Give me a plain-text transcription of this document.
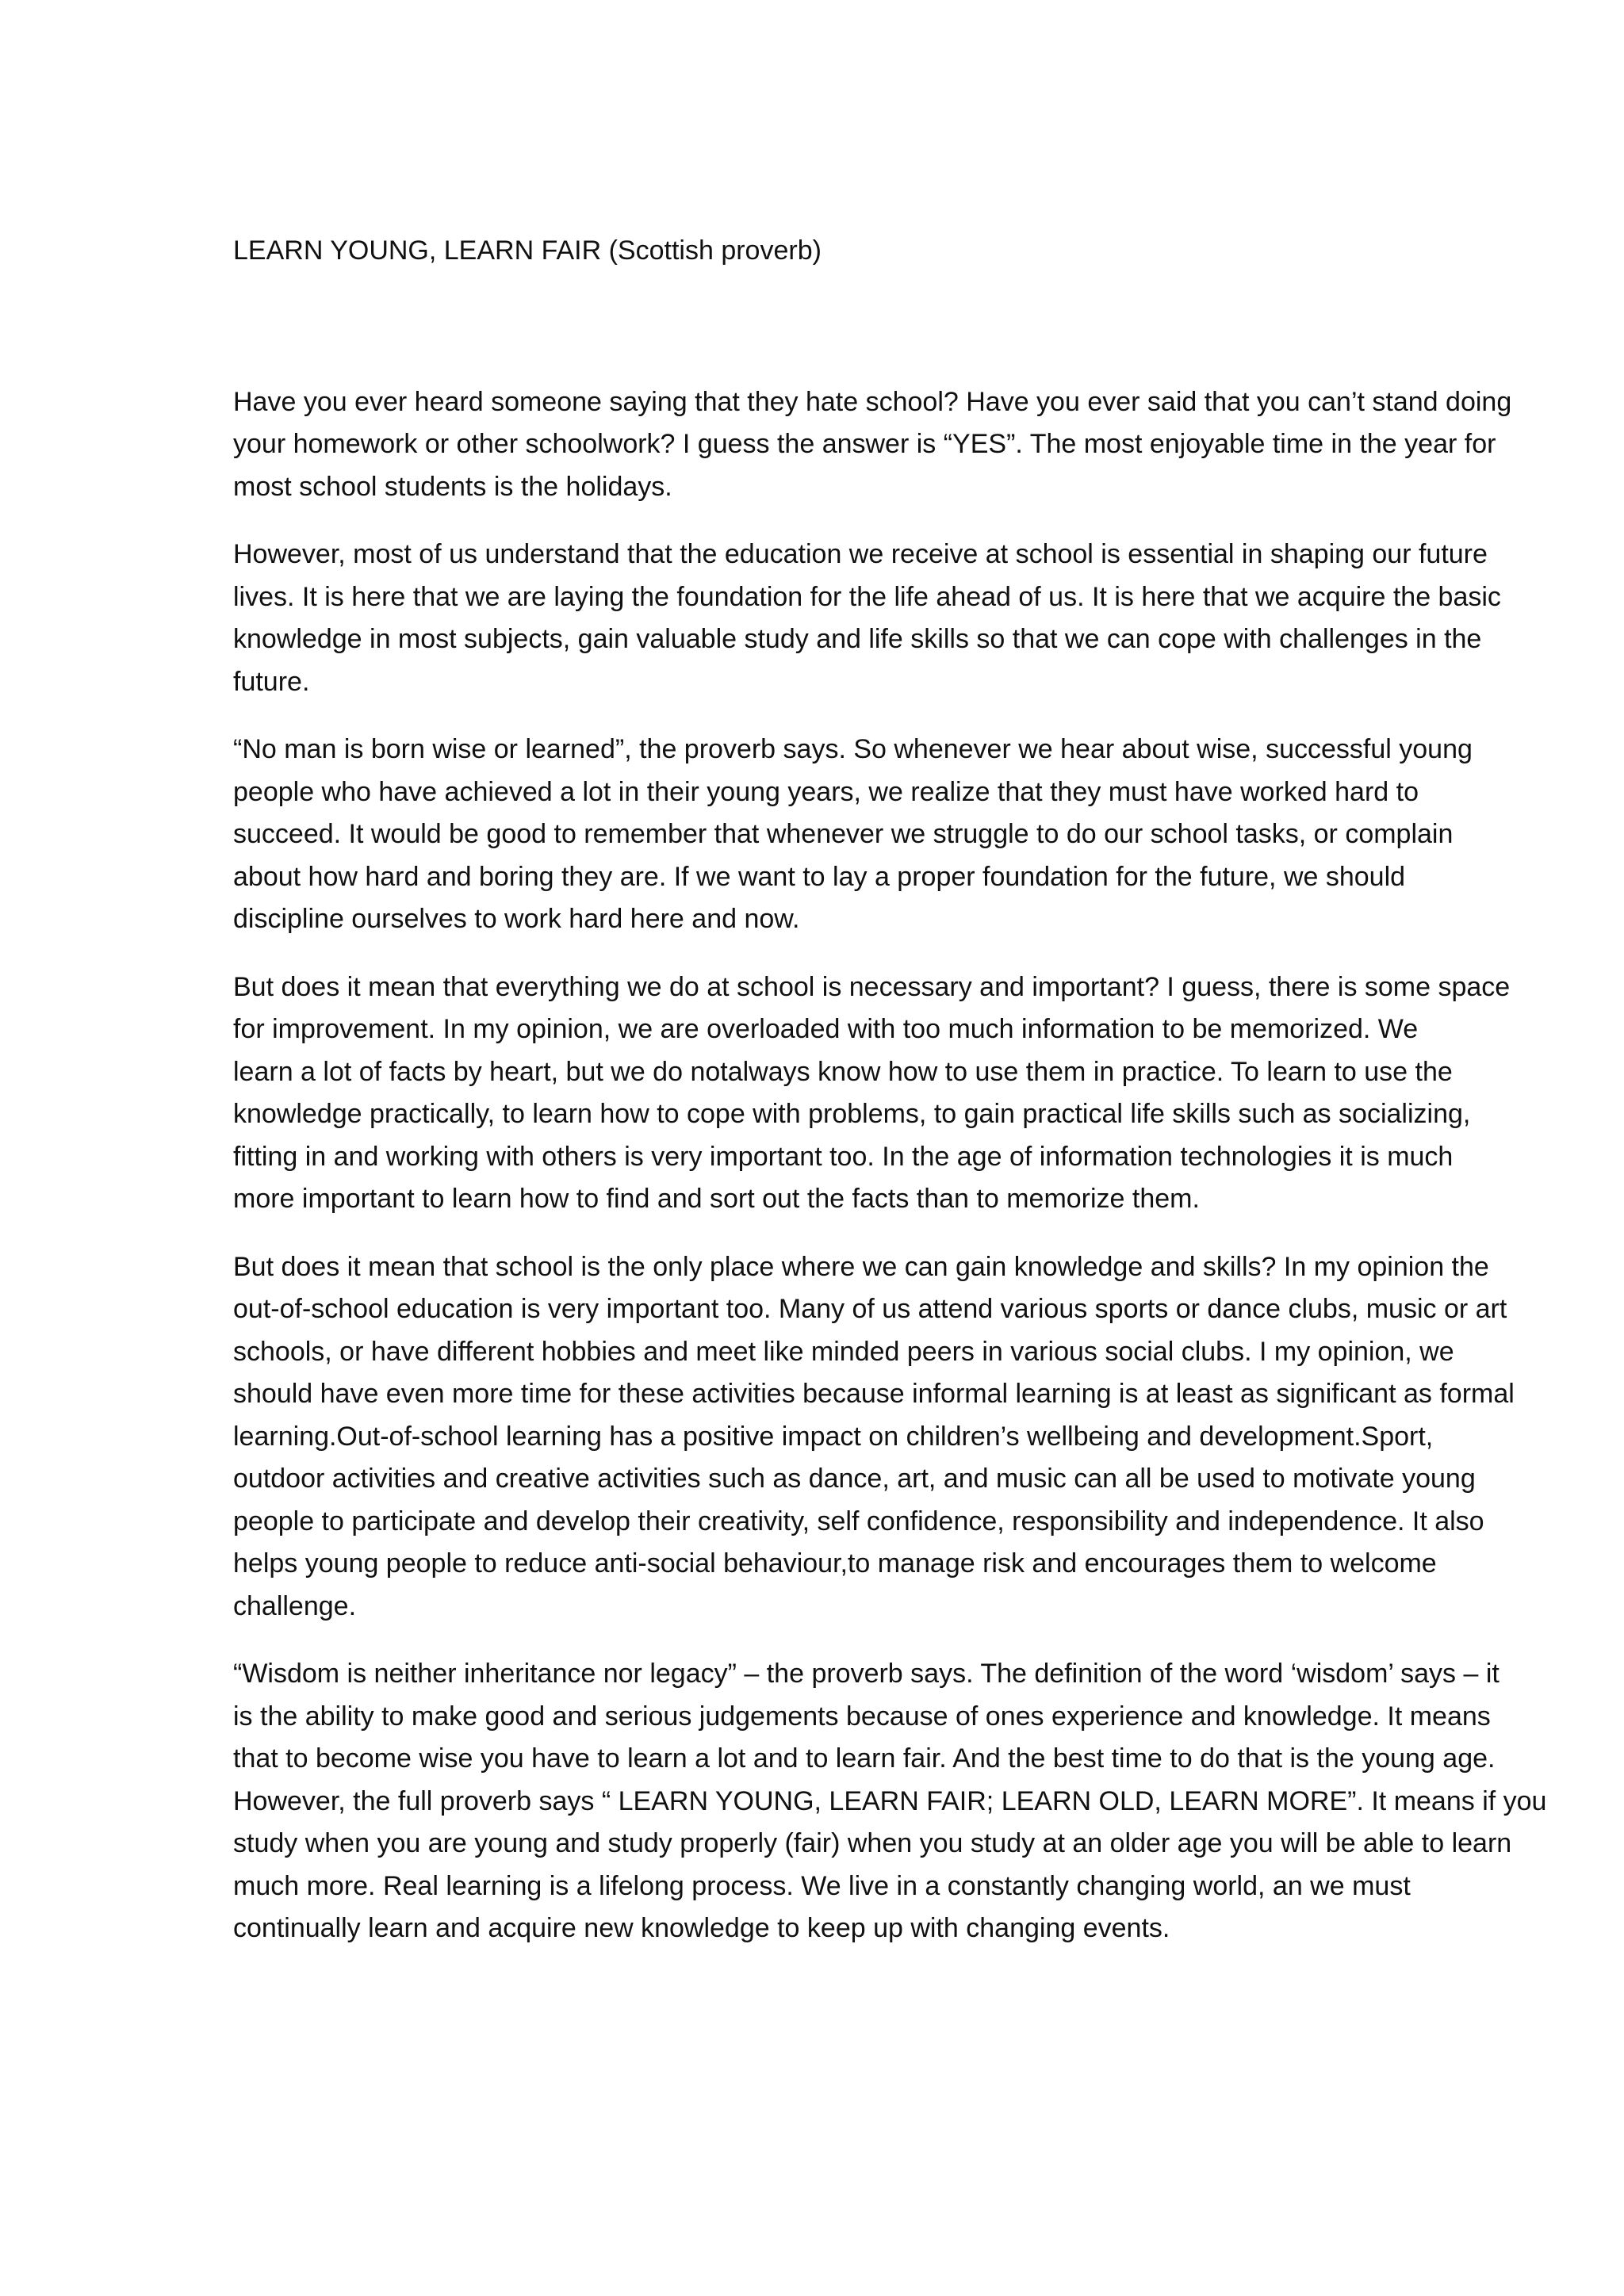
LEARN YOUNG, LEARN FAIR (Scottish proverb)

Have you ever heard someone saying that they hate school? Have you ever said that you can’t stand doing
your homework or other schoolwork? I guess the answer is “YES”. The most enjoyable time in the year for
most school students is the holidays.

However, most of us understand that the education we receive at school is essential in shaping our future
lives. It is here that we are laying the foundation for the life ahead of us. It is here that we acquire the basic
knowledge in most subjects, gain valuable study and life skills so that we can cope with challenges in the
future.

“No man is born wise or learned”, the proverb says. So whenever we hear about wise, successful young
people who have achieved a lot in their young years, we realize that they must have worked hard to
succeed. It would be good to remember that whenever we struggle to do our school tasks, or complain
about how hard and boring they are. If we want to lay a proper foundation for the future, we should
discipline ourselves to work hard here and now.

But does it mean that everything we do at school is necessary and important? I guess, there is some space
for improvement. In my opinion, we are overloaded with too much information to be memorized. We
learn a lot of facts by heart, but we do notalways know how to use them in practice. To learn to use the
knowledge practically, to learn how to cope with problems, to gain practical life skills such as socializing,
fitting in and working with others is very important too. In the age of information technologies it is much
more important to learn how to find and sort out the facts than to memorize them.

But does it mean that school is the only place where we can gain knowledge and skills? In my opinion the
out-of-school education is very important too. Many of us attend various sports or dance clubs, music or art
schools, or have different hobbies and meet like minded peers in various social clubs. I my opinion, we
should have even more time for these activities because informal learning is at least as significant as formal
learning.Out-of-school learning has a positive impact on children’s wellbeing and development.Sport,
outdoor activities and creative activities such as dance, art, and music can all be used to motivate young
people to participate and develop their creativity, self confidence, responsibility and independence. It also
helps young people to reduce anti-social behaviour,to manage risk and encourages them to welcome
challenge.

“Wisdom is neither inheritance nor legacy” – the proverb says. The definition of the word ‘wisdom’ says – it
is the ability to make good and serious judgements because of ones experience and knowledge. It means
that to become wise you have to learn a lot and to learn fair. And the best time to do that is the young age.
However, the full proverb says “ LEARN YOUNG, LEARN FAIR; LEARN OLD, LEARN MORE”. It means if you
study when you are young and study properly (fair) when you study at an older age you will be able to learn
much more. Real learning is a lifelong process. We live in a constantly changing world, an we must
continually learn and acquire new knowledge to keep up with changing events.
